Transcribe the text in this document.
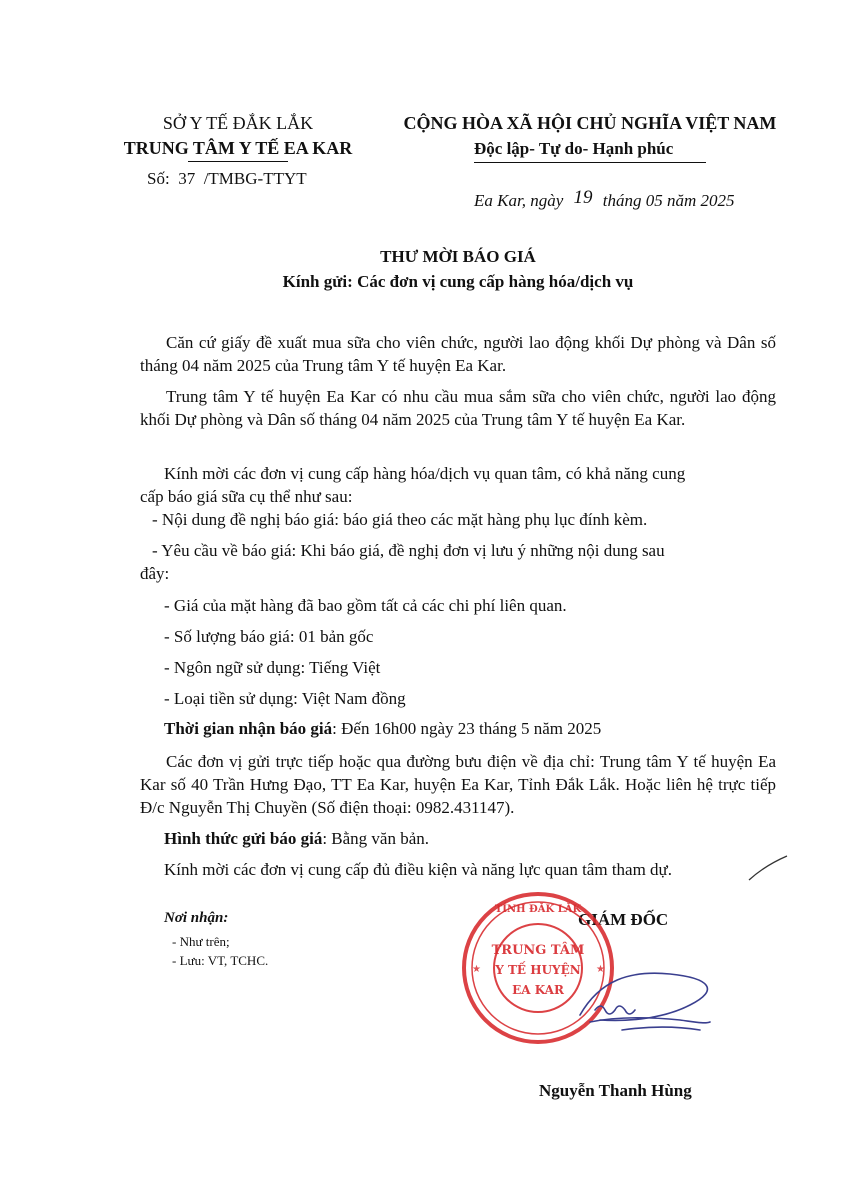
SỞ Y TẾ ĐẮK LẮK
TRUNG TÂM Y TẾ EA KAR
Số: 37 /TMBG-TTYT
CỘNG HÒA XÃ HỘI CHỦ NGHĨA VIỆT NAM
Độc lập- Tự do- Hạnh phúc
Ea Kar, ngày 19 tháng 05 năm 2025
THƯ MỜI BÁO GIÁ
Kính gửi: Các đơn vị cung cấp hàng hóa/dịch vụ
Căn cứ giấy đề xuất mua sữa cho viên chức, người lao động khối Dự phòng và Dân số tháng 04 năm 2025 của Trung tâm Y tế huyện Ea Kar.
Trung tâm Y tế huyện Ea Kar có nhu cầu mua sắm sữa cho viên chức, người lao động khối Dự phòng và Dân số tháng 04 năm 2025 của Trung tâm Y tế huyện Ea Kar.
Kính mời các đơn vị cung cấp hàng hóa/dịch vụ quan tâm, có khả năng cung
cấp báo giá sữa cụ thể như sau:
- Nội dung đề nghị báo giá: báo giá theo các mặt hàng phụ lục đính kèm.
- Yêu cầu về báo giá: Khi báo giá, đề nghị đơn vị lưu ý những nội dung sau
đây:
- Giá của mặt hàng đã bao gồm tất cả các chi phí liên quan.
- Số lượng báo giá: 01 bản gốc
- Ngôn ngữ sử dụng: Tiếng Việt
- Loại tiền sử dụng: Việt Nam đồng
Thời gian nhận báo giá: Đến 16h00 ngày 23 tháng 5 năm 2025
Các đơn vị gửi trực tiếp hoặc qua đường bưu điện về địa chỉ: Trung tâm Y tế huyện Ea Kar số 40 Trần Hưng Đạo, TT Ea Kar, huyện Ea Kar, Tỉnh Đắk Lắk. Hoặc liên hệ trực tiếp Đ/c Nguyễn Thị Chuyền (Số điện thoại: 0982.431147).
Hình thức gửi báo giá: Bằng văn bản.
Kính mời các đơn vị cung cấp đủ điều kiện và năng lực quan tâm tham dự.
Nơi nhận:
- Như trên;
- Lưu: VT, TCHC.
GIÁM ĐỐC
TRUNG TÂM
Y TẾ HUYỆN
EA KAR
TỈNH ĐẮK LẮK
★	★
Nguyễn Thanh Hùng
